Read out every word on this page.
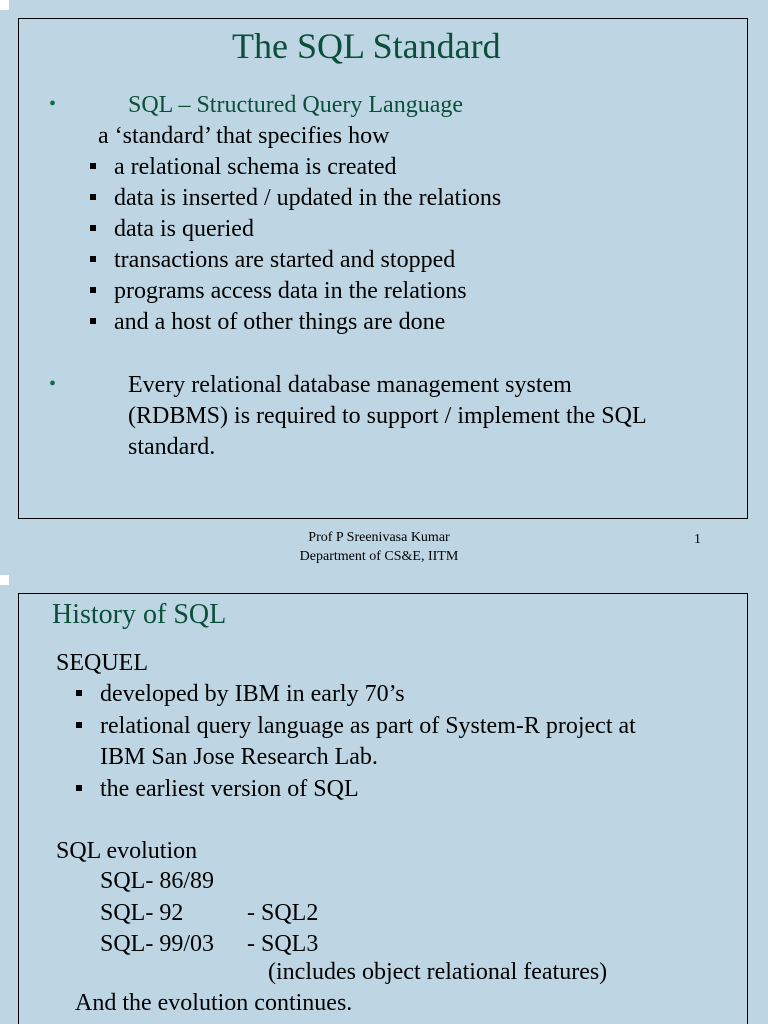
The SQL Standard
•	SQL – Structured Query Language
a ‘standard’ that specifies how
a relational schema is created
data is inserted / updated in the relations
data is queried
transactions are started and stopped
programs access data in the relations
and a host of other things are done
•	Every relational database management system
(RDBMS) is required to support / implement the SQL
standard.
Prof P Sreenivasa Kumar
Department of CS&E, IITM
1
History of SQL
SEQUEL
developed by IBM in early 70’s
relational query language as part of System-R project at
IBM San Jose Research Lab.
the earliest version of SQL
SQL evolution
SQL- 86/89
SQL- 92	- SQL2
SQL- 99/03 - SQL3
(includes object relational features)
And the evolution continues.
